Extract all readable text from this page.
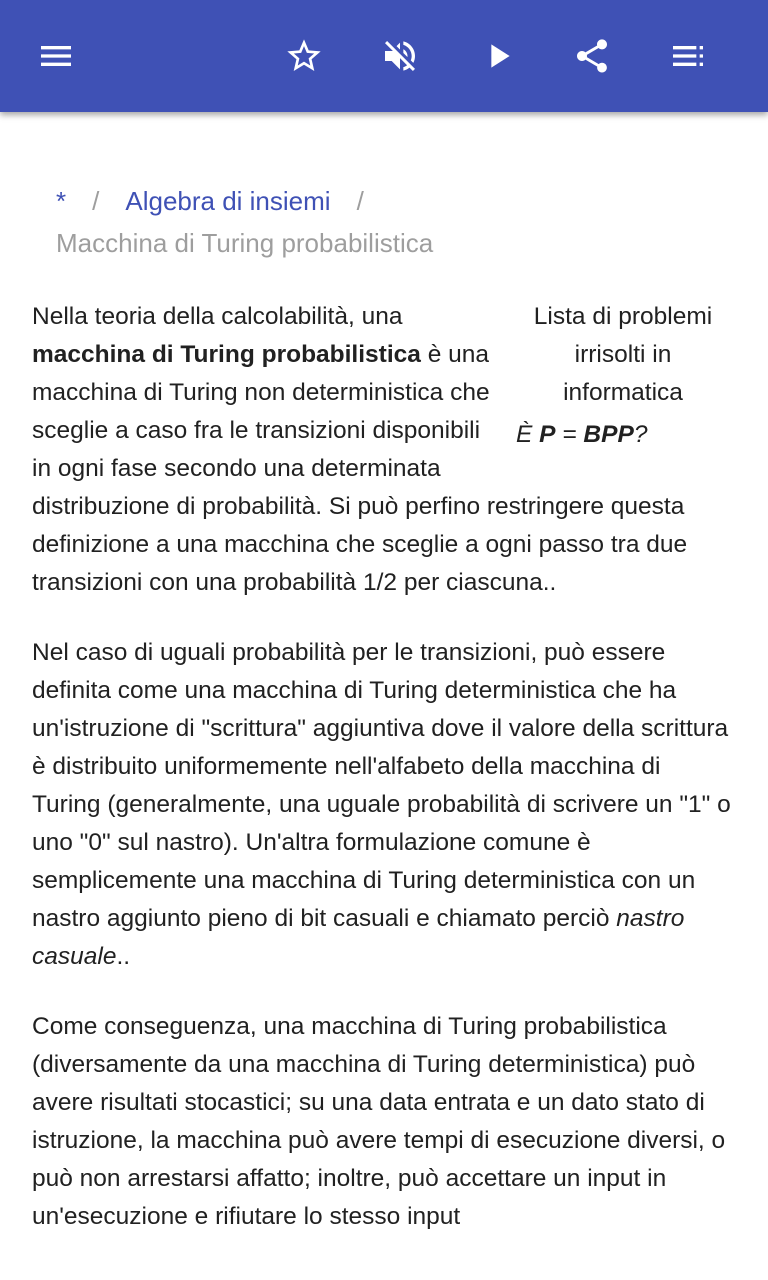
* / Algebra di insiemi /
Macchina di Turing probabilistica
Lista di problemi irrisolti in informatica
È P = BPP?

Nella teoria della calcolabilità, una macchina di Turing probabilistica è una macchina di Turing non deterministica che sceglie a caso fra le transizioni disponibili in ogni fase secondo una determinata distribuzione di probabilità. Si può perfino restringere questa definizione a una macchina che sceglie a ogni passo tra due transizioni con una probabilità 1/2 per ciascuna..

Nel caso di uguali probabilità per le transizioni, può essere definita come una macchina di Turing deterministica che ha un'istruzione di "scrittura" aggiuntiva dove il valore della scrittura è distribuito uniformemente nell'alfabeto della macchina di Turing (generalmente, una uguale probabilità di scrivere un "1" o uno "0" sul nastro). Un'altra formulazione comune è semplicemente una macchina di Turing deterministica con un nastro aggiunto pieno di bit casuali e chiamato perciò nastro casuale..

Come conseguenza, una macchina di Turing probabilistica (diversamente da una macchina di Turing deterministica) può avere risultati stocastici; su una data entrata e un dato stato di istruzione, la macchina può avere tempi di esecuzione diversi, o può non arrestarsi affatto; inoltre, può accettare un input in un'esecuzione e rifiutare lo stesso input
